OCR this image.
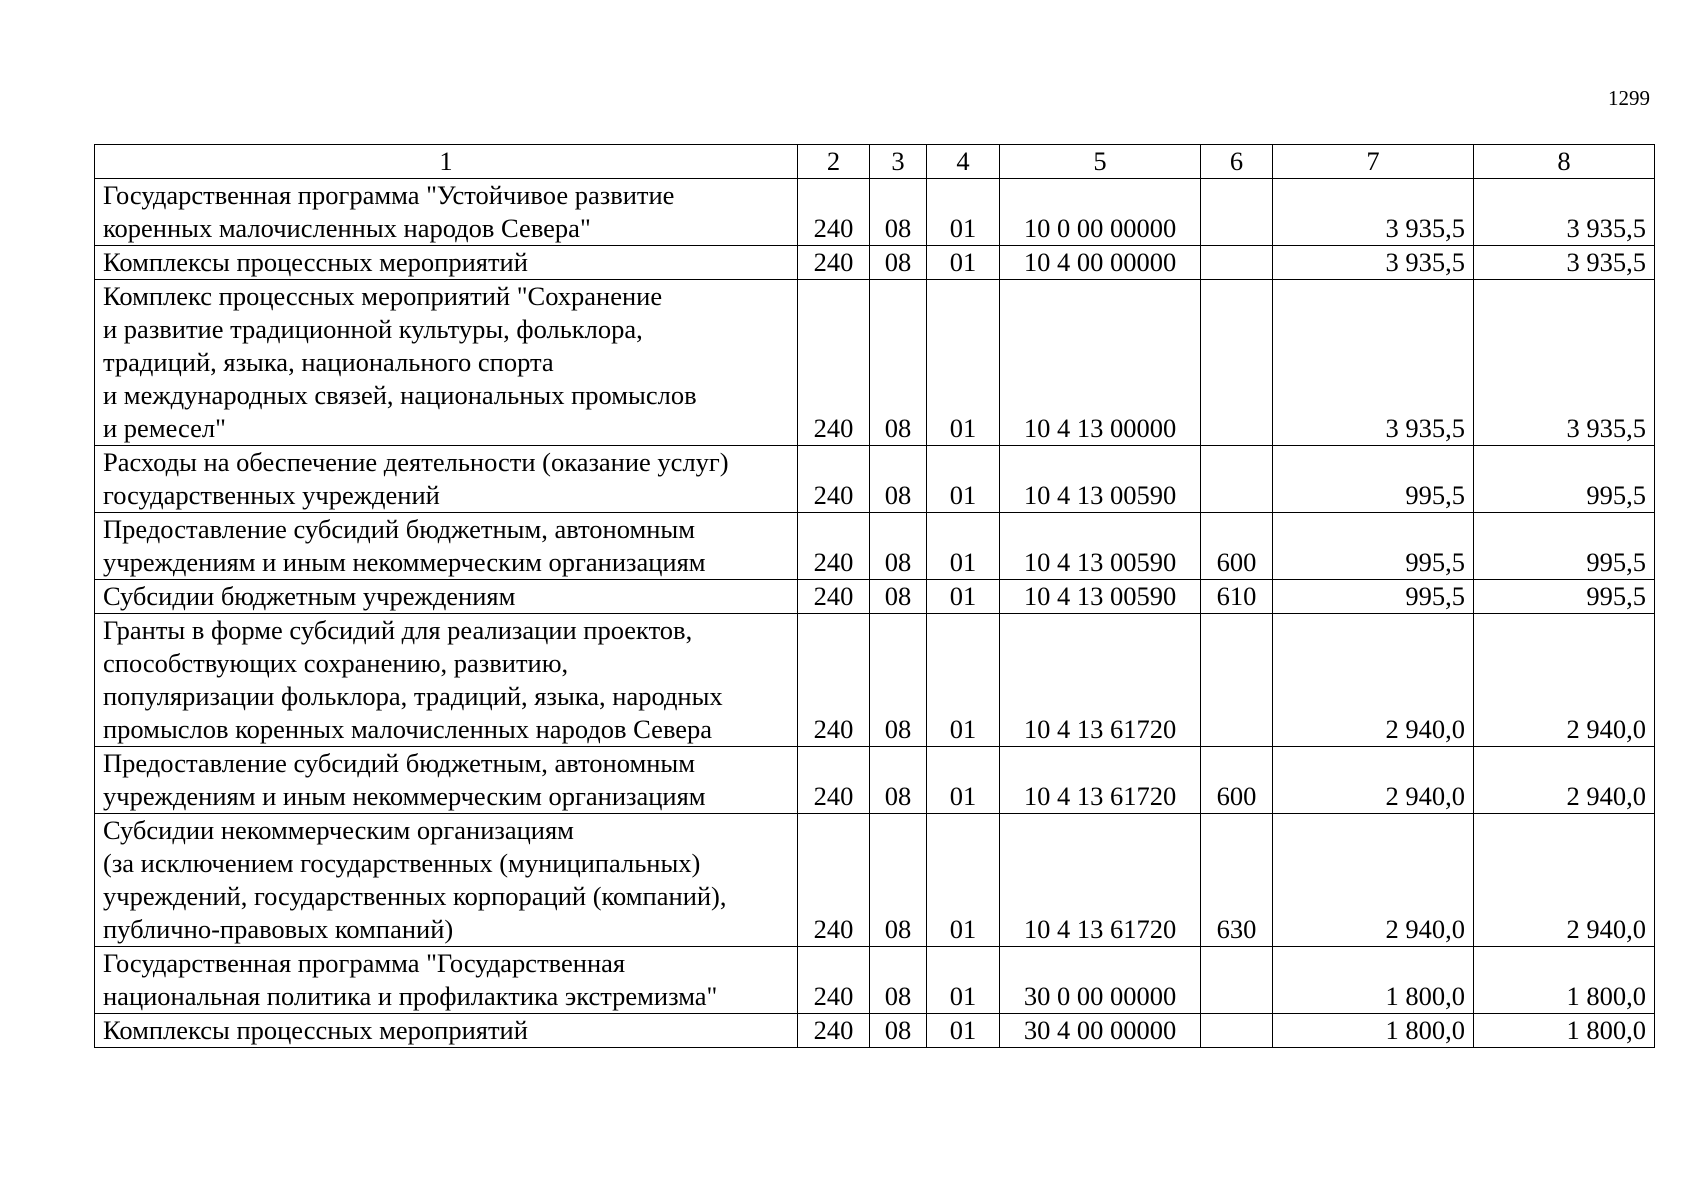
1299
1	2	3	4	5	6	7	8

Государственная программа "Устойчивое развитие
коренных малочисленных народов Севера"	240	08	01	10 0 00 00000		3 935,5	3 935,5

Комплексы процессных мероприятий	240	08	01	10 4 00 00000		3 935,5	3 935,5

Комплекс процессных мероприятий "Сохранение
и развитие традиционной культуры, фольклора,
традиций, языка, национального спорта
и международных связей, национальных промыслов
и ремесел"	240	08	01	10 4 13 00000		3 935,5	3 935,5

Расходы на обеспечение деятельности (оказание услуг)
государственных учреждений	240	08	01	10 4 13 00590		995,5	995,5

Предоставление субсидий бюджетным, автономным
учреждениям и иным некоммерческим организациям	240	08	01	10 4 13 00590	600	995,5	995,5

Субсидии бюджетным учреждениям	240	08	01	10 4 13 00590	610	995,5	995,5

Гранты в форме субсидий для реализации проектов,
способствующих сохранению, развитию,
популяризации фольклора, традиций, языка, народных
промыслов коренных малочисленных народов Севера	240	08	01	10 4 13 61720		2 940,0	2 940,0

Предоставление субсидий бюджетным, автономным
учреждениям и иным некоммерческим организациям	240	08	01	10 4 13 61720	600	2 940,0	2 940,0

Субсидии некоммерческим организациям
(за исключением государственных (муниципальных)
учреждений, государственных корпораций (компаний),
публично-правовых компаний)	240	08	01	10 4 13 61720	630	2 940,0	2 940,0

Государственная программа "Государственная
национальная политика и профилактика экстремизма"	240	08	01	30 0 00 00000		1 800,0	1 800,0

Комплексы процессных мероприятий	240	08	01	30 4 00 00000		1 800,0	1 800,0
